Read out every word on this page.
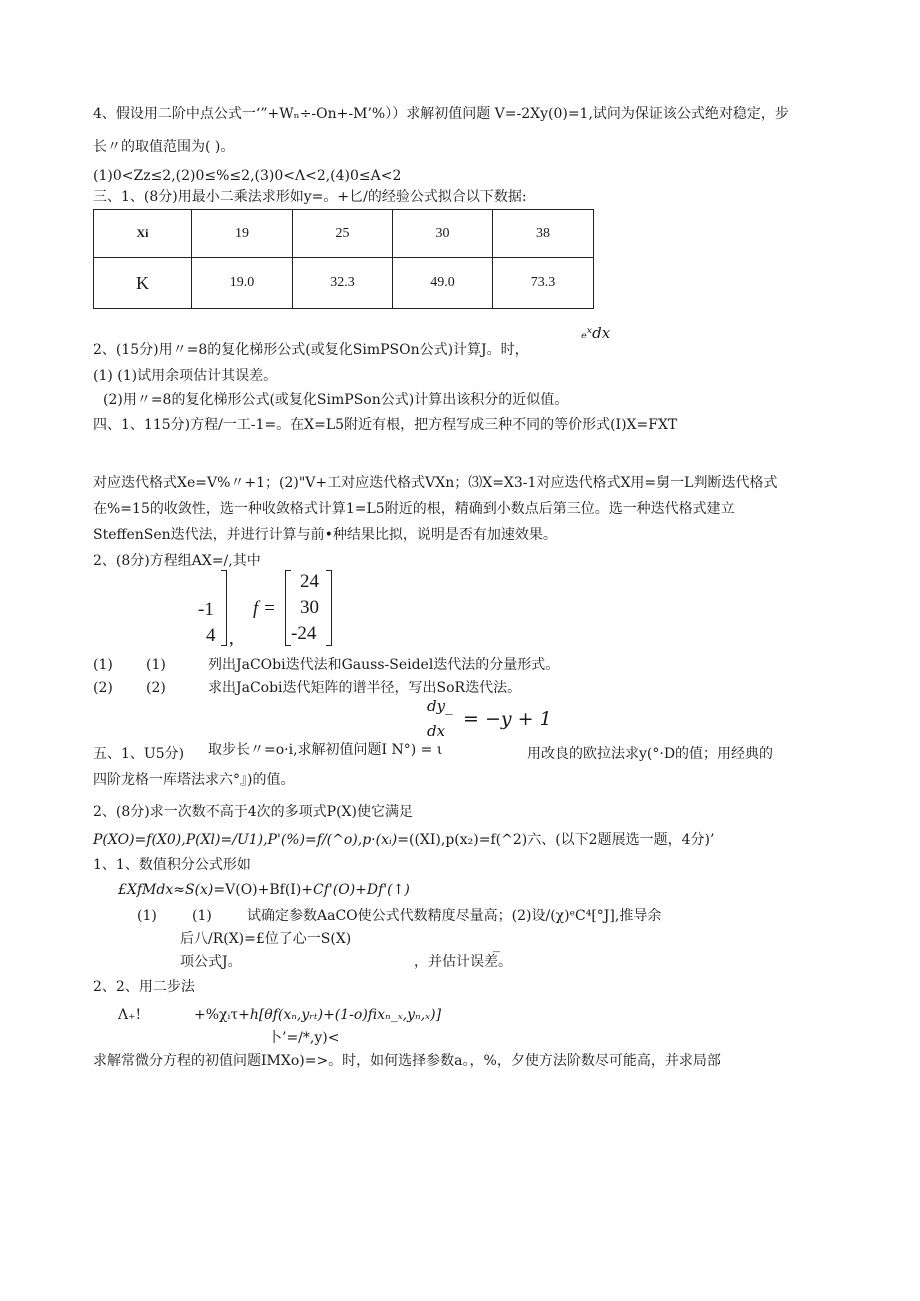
4、假设用二阶中点公式一‘”+Wₙ÷-On+-M’%））求解初值问题 V=-2Xy(0)=1,试问为保证该公式绝对稳定，步
长〃的取值范围为( )。
(1)0<Zz≤2,(2)0≤%≤2,(3)0<Λ<2,(4)0≤A<2
三、1、(8分)用最小二乘法求形如y=。+匕/的经验公式拟合以下数据:
Xi	19	25	30	38
K	19.0	32.3	49.0	73.3
ₑˣdx
2、(15分)用〃=8的复化梯形公式(或复化SimPSOn公式)计算J。时，
(1) (1)试用余项估计其误差。
(2)用〃=8的复化梯形公式(或复化SimPSon公式)计算出该积分的近似值。
四、1、115分)方程/一工-1=。在X=L5附近有根，把方程写成三种不同的等价形式(I)X=FXT
对应迭代格式Xe=V%〃+1；(2)"V+工对应迭代格式VXn；⑶X=X3-1对应迭代格式X用=舅一L判断迭代格式
在%=15的收敛性，选一种收敛格式计算1=L5附近的根，精确到小数点后第三位。选一种迭代格式建立
SteffenSen迭代法，并进行计算与前•种结果比拟，说明是否有加速效果。
2、(8分)方程组AX=/,其中
-1
4 ,
f =
24
30
-24
(1) (1)	列出JaCObi迭代法和Gauss-Seidel迭代法的分量形式。
(2) (2)	求出JaCobi迭代矩阵的谱半径，写出SoR迭代法。
dy_
dx
= −y + 1
五、1、U5分) 取步长〃=o·i,求解初值问题I N°) = ι	用改良的欧拉法求y(°·D的值；用经典的
四阶龙格一库塔法求六°』)的值。
2、(8分)求一次数不高于4次的多项式P(X)使它满足
P(XO)=f(X0),P(Xl)=/U1),P'(%)=f/(^o),p·(xᵢ)=((XI),p(x₂)=f(^2)六、(以下2题展选一题，4分)’
1、1、数值积分公式形如
£XfMdx≈S(x)=V(O)+Bf(I)+Cf'(O)+Df'(↑)
(1)	(1)	试确定参数AaCO使公式代数精度尽量高；(2)设/(χ)ᵉC⁴[°J],推导余
后八/R(X)=£位了心一S(X)	_
项公式J。	，并估计误差。
2、2、用二步法
Λ₊!	+%χᵢτ+h[θf(xₙ,yᵣₜ)+(1-o)fixₙ_ₓ,yₙ,ₓ)]
卜’=/*,y)<
求解常微分方程的初值问题IMXo)=>。时，如何选择参数a。，%，夕使方法阶数尽可能高，并求局部
